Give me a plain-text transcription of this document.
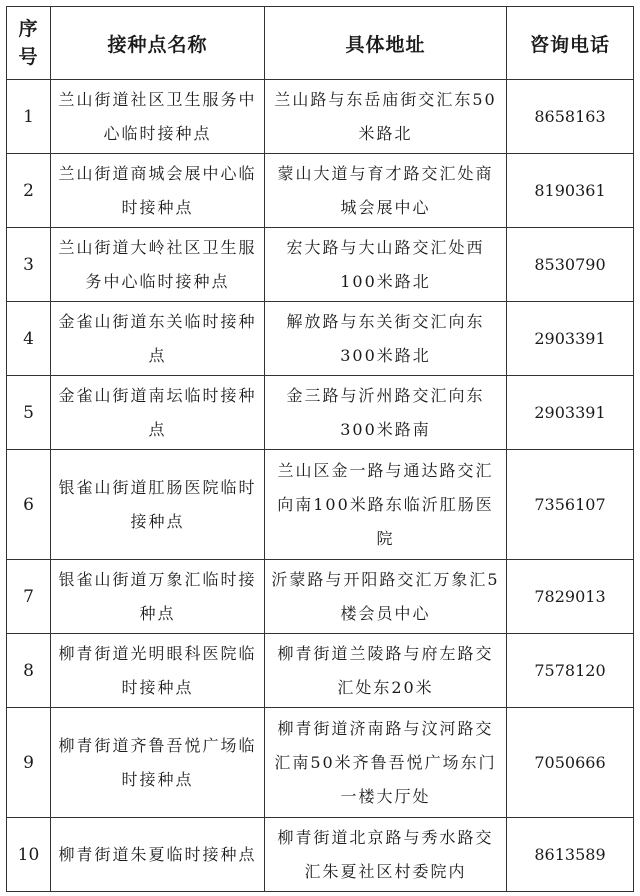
序号	接种点名称	具体地址	咨询电话
1	兰山街道社区卫生服务中心临时接种点	兰山路与东岳庙街交汇东50米路北	8658163
2	兰山街道商城会展中心临时接种点	蒙山大道与育才路交汇处商城会展中心	8190361
3	兰山街道大岭社区卫生服务中心临时接种点	宏大路与大山路交汇处西100米路北	8530790
4	金雀山街道东关临时接种点	解放路与东关街交汇向东300米路北	2903391
5	金雀山街道南坛临时接种点	金三路与沂州路交汇向东300米路南	2903391
6	银雀山街道肛肠医院临时接种点	兰山区金一路与通达路交汇向南100米路东临沂肛肠医院	7356107
7	银雀山街道万象汇临时接种点	沂蒙路与开阳路交汇万象汇5楼会员中心	7829013
8	柳青街道光明眼科医院临时接种点	柳青街道兰陵路与府左路交汇处东20米	7578120
9	柳青街道齐鲁吾悦广场临时接种点	柳青街道济南路与汶河路交汇南50米齐鲁吾悦广场东门一楼大厅处	7050666
10	柳青街道朱夏临时接种点	柳青街道北京路与秀水路交汇朱夏社区村委院内	8613589
